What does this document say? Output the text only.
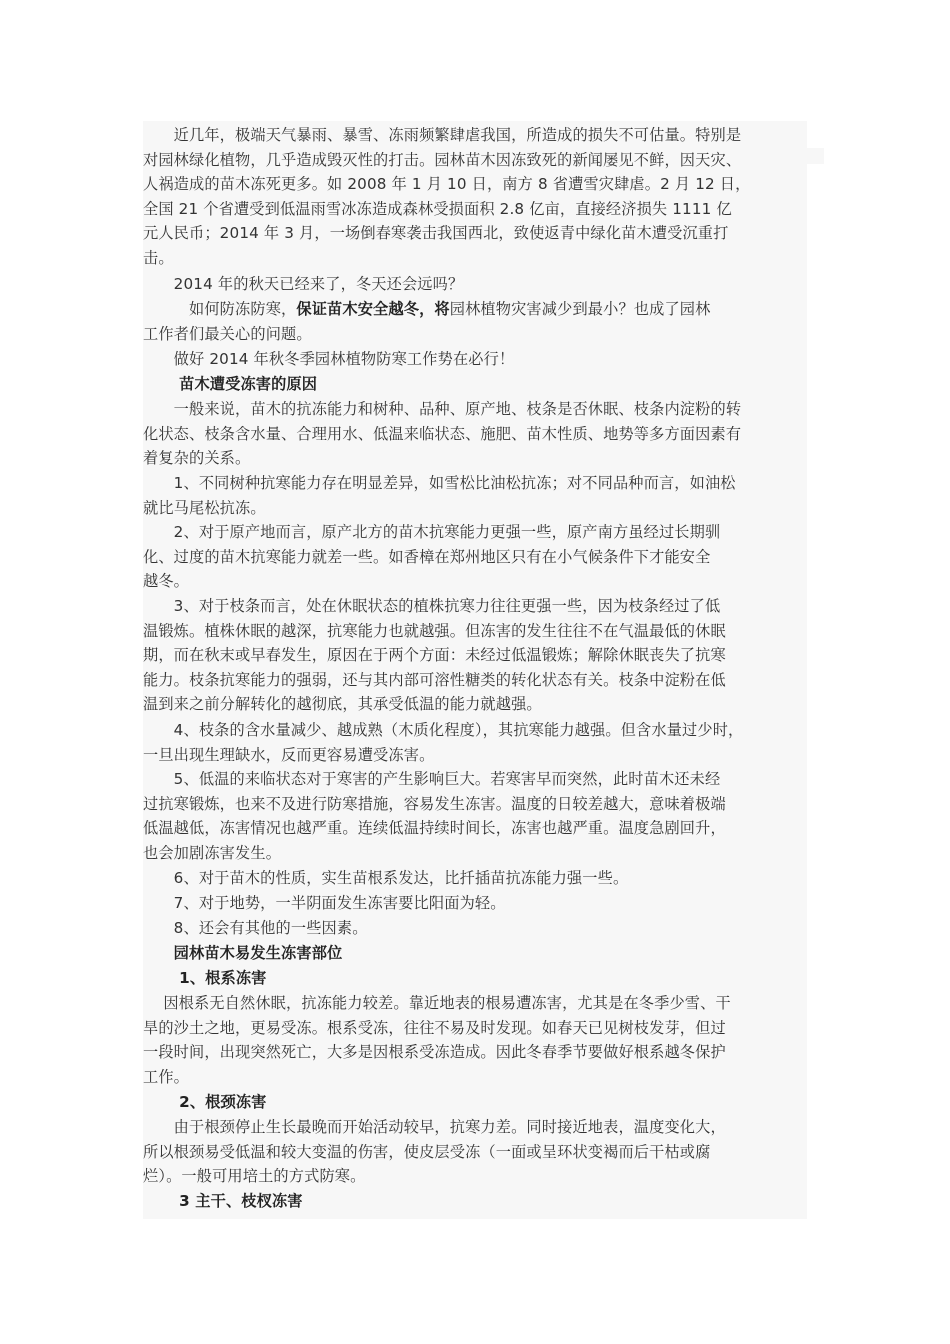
　　近几年，极端天气暴雨、暴雪、冻雨频繁肆虐我国，所造成的损失不可估量。特别是
对园林绿化植物，几乎造成毁灭性的打击。园林苗木因冻致死的新闻屡见不鲜，因天灾、
人祸造成的苗木冻死更多。如 2008 年 1 月 10 日，南方 8 省遭雪灾肆虐。2 月 12 日，
全国 21 个省遭受到低温雨雪冰冻造成森林受损面积 2.8 亿亩，直接经济损失 1111 亿
元人民币；2014 年 3 月，一场倒春寒袭击我国西北，致使返青中绿化苗木遭受沉重打
击。
　　2014 年的秋天已经来了，冬天还会远吗？
　　　如何防冻防寒，保证苗木安全越冬，将园林植物灾害减少到最小？也成了园林
工作者们最关心的问题。
　　做好 2014 年秋冬季园林植物防寒工作势在必行！
　　 苗木遭受冻害的原因
　　一般来说，苗木的抗冻能力和树种、品种、原产地、枝条是否休眠、枝条内淀粉的转
化状态、枝条含水量、合理用水、低温来临状态、施肥、苗木性质、地势等多方面因素有
着复杂的关系。
　　1、不同树种抗寒能力存在明显差异，如雪松比油松抗冻；对不同品种而言，如油松
就比马尾松抗冻。
　　2、对于原产地而言，原产北方的苗木抗寒能力更强一些，原产南方虽经过长期驯
化、过度的苗木抗寒能力就差一些。如香樟在郑州地区只有在小气候条件下才能安全
越冬。
　　3、对于枝条而言，处在休眠状态的植株抗寒力往往更强一些，因为枝条经过了低
温锻炼。植株休眠的越深，抗寒能力也就越强。但冻害的发生往往不在气温最低的休眠
期，而在秋末或早春发生，原因在于两个方面：未经过低温锻炼；解除休眠丧失了抗寒
能力。枝条抗寒能力的强弱，还与其内部可溶性糖类的转化状态有关。枝条中淀粉在低
温到来之前分解转化的越彻底，其承受低温的能力就越强。
　　4、枝条的含水量减少、越成熟（木质化程度），其抗寒能力越强。但含水量过少时，
一旦出现生理缺水，反而更容易遭受冻害。
　　5、低温的来临状态对于寒害的产生影响巨大。若寒害早而突然，此时苗木还未经
过抗寒锻炼，也来不及进行防寒措施，容易发生冻害。温度的日较差越大，意味着极端
低温越低，冻害情况也越严重。连续低温持续时间长，冻害也越严重。温度急剧回升，
也会加剧冻害发生。
　　6、对于苗木的性质，实生苗根系发达，比扦插苗抗冻能力强一些。
　　7、对于地势，一半阴面发生冻害要比阳面为轻。
　　8、还会有其他的一些因素。
　　园林苗木易发生冻害部位
　　 1、根系冻害
　 因根系无自然休眠，抗冻能力较差。靠近地表的根易遭冻害，尤其是在冬季少雪、干
旱的沙土之地，更易受冻。根系受冻，往往不易及时发现。如春天已见树枝发芽，但过
一段时间，出现突然死亡，大多是因根系受冻造成。因此冬春季节要做好根系越冬保护
工作。
　　 2、根颈冻害
　　由于根颈停止生长最晚而开始活动较早，抗寒力差。同时接近地表，温度变化大，
所以根颈易受低温和较大变温的伤害，使皮层受冻（一面或呈环状变褐而后干枯或腐
烂）。一般可用培土的方式防寒。
　　 3 主干、枝杈冻害
